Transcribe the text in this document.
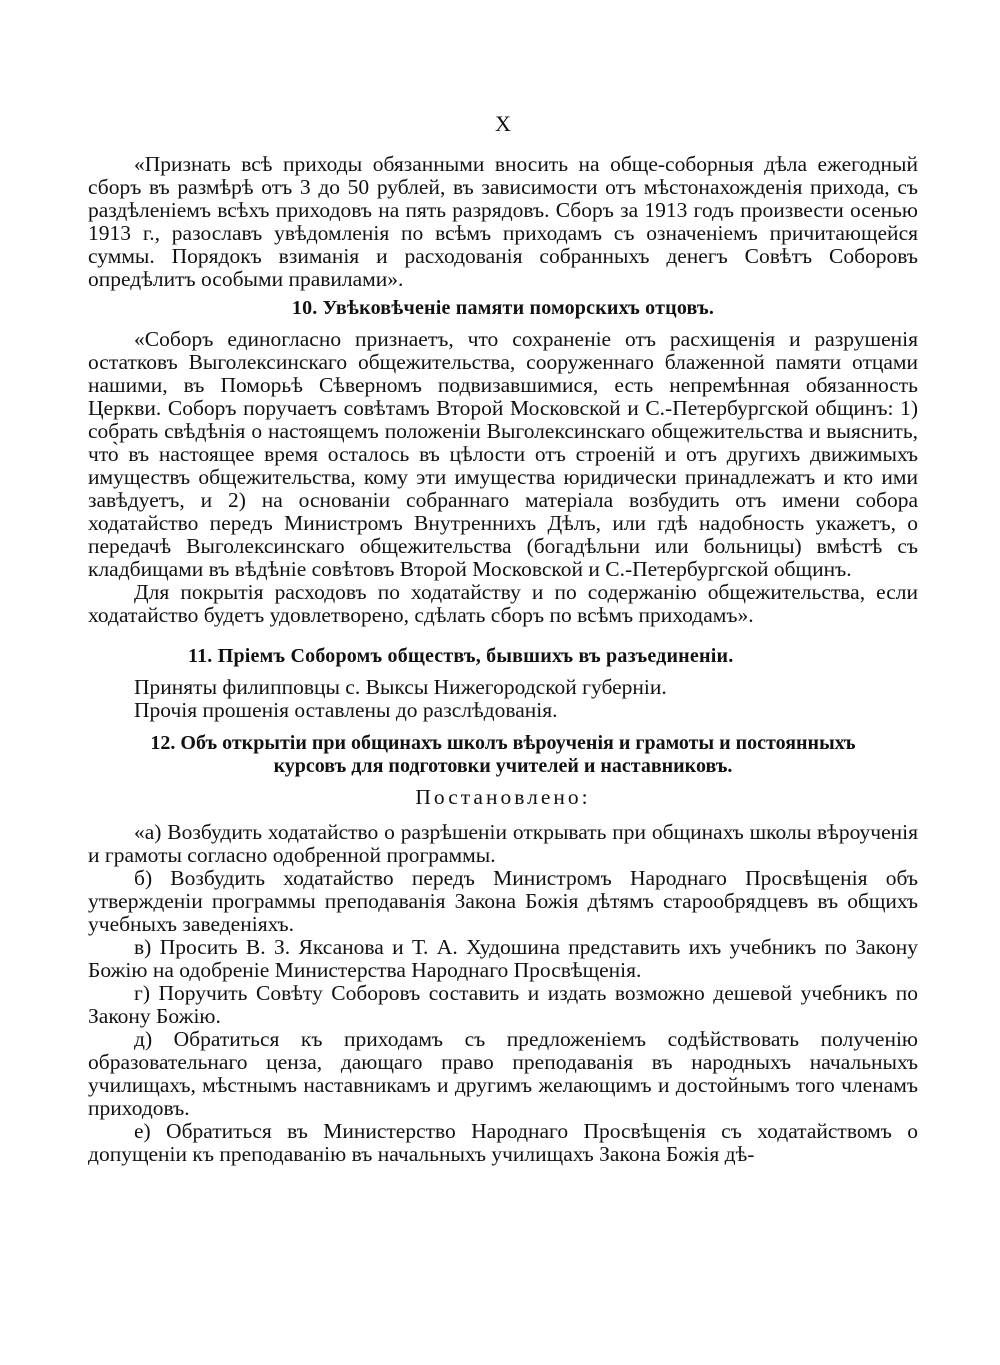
X

«Признать всѣ приходы обязанными вносить на обще-соборныя дѣла ежегодный сборъ въ размѣрѣ отъ 3 до 50 рублей, въ зависимости отъ мѣстонахожденія прихода, съ раздѣленіемъ всѣхъ приходовъ на пять разрядовъ. Сборъ за 1913 годъ произвести осенью 1913 г., разославъ увѣдомленія по всѣмъ приходамъ съ означеніемъ причитающейся суммы. Порядокъ взиманія и расходованія собранныхъ денегъ Совѣтъ Соборовъ опредѣлитъ особыми правилами».

10. Увѣковѣченіе памяти поморскихъ отцовъ.

«Соборъ единогласно признаетъ, что сохраненіе отъ расхищенія и разрушенія остатковъ Выголексинскаго общежительства, сооруженнаго блаженной памяти отцами нашими, въ Поморьѣ Сѣверномъ подвизавшимися, есть непремѣнная обязанность Церкви. Соборъ поручаетъ совѣтамъ Второй Московской и С.-Петербургской общинъ: 1) собрать свѣдѣнія о настоящемъ положеніи Выголексинскаго общежительства и выяснить, что̀ въ настоящее время осталось въ цѣлости отъ строеній и отъ другихъ движимыхъ имуществъ общежительства, кому эти имущества юридически принадлежатъ и кто ими завѣдуетъ, и 2) на основаніи собраннаго матеріала возбудить отъ имени собора ходатайство передъ Министромъ Внутреннихъ Дѣлъ, или гдѣ надобность укажетъ, о передачѣ Выголексинскаго общежительства (богадѣльни или больницы) вмѣстѣ съ кладбищами въ вѣдѣніе совѣтовъ Второй Московской и С.-Петербургской общинъ.

Для покрытія расходовъ по ходатайству и по содержанію общежительства, если ходатайство будетъ удовлетворено, сдѣлать сборъ по всѣмъ приходамъ».

11. Пріемъ Соборомъ обществъ, бывшихъ въ разъединеніи.

Приняты филипповцы с. Выксы Нижегородской губерніи.

Прочія прошенія оставлены до разслѣдованія.

12. Объ открытіи при общинахъ школъ вѣроученія и грамоты и постоянныхъ
курсовъ для подготовки учителей и наставниковъ.
Постановлено:

«а) Возбудить ходатайство о разрѣшеніи открывать при общинахъ школы вѣроученія и грамоты согласно одобренной программы.

б) Возбудить ходатайство передъ Министромъ Народнаго Просвѣщенія объ утвержденіи программы преподаванія Закона Божія дѣтямъ старообрядцевъ въ общихъ учебныхъ заведеніяхъ.

в) Просить В. З. Яксанова и Т. А. Худошина представить ихъ учебникъ по Закону Божію на одобреніе Министерства Народнаго Просвѣщенія.

г) Поручить Совѣту Соборовъ составить и издать возможно дешевой учебникъ по Закону Божію.

д) Обратиться къ приходамъ съ предложеніемъ содѣйствовать полученію образовательнаго ценза, дающаго право преподаванія въ народныхъ начальныхъ училищахъ, мѣстнымъ наставникамъ и другимъ желающимъ и достойнымъ того членамъ приходовъ.

е) Обратиться въ Министерство Народнаго Просвѣщенія съ ходатайствомъ о допущеніи къ преподаванію въ начальныхъ училищахъ Закона Божія дѣ-
